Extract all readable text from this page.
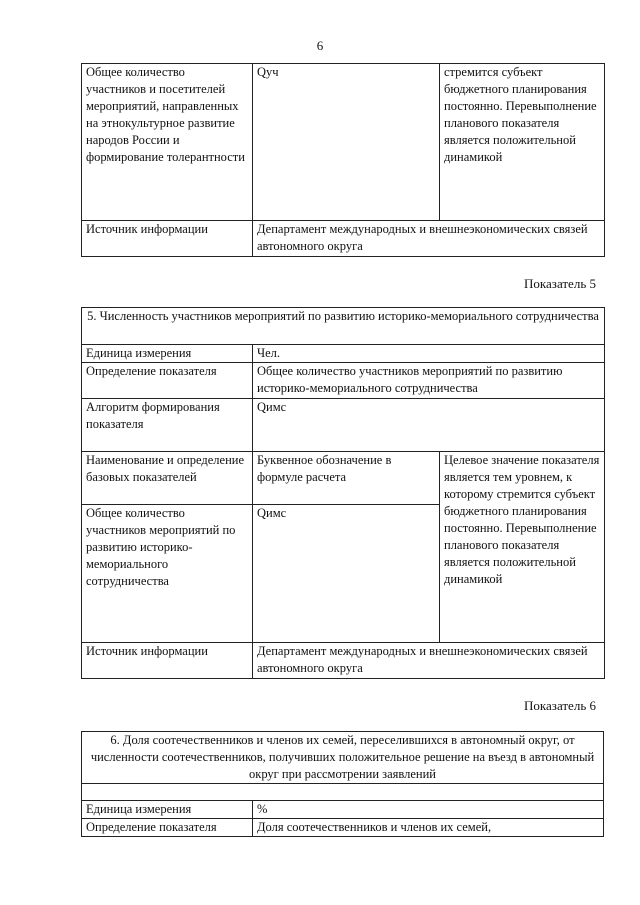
6
Общее количество участников и посетителей мероприятий, направленных на этнокультурное развитие народов России и формирование толерантности	Qуч	стремится субъект бюджетного планирования постоянно. Перевыполнение планового показателя является положительной динамикой
Источник информации	Департамент международных и внешнеэкономических связей автономного округа	
Показатель 5
5. Численность участников мероприятий по развитию историко-мемориального сотрудничества		
Единица измерения	Чел.	
Определение показателя	Общее количество участников мероприятий по развитию историко-мемориального сотрудничества	
Алгоритм формирования показателя	Qимс	
Наименование и определение базовых показателей	Буквенное обозначение в формуле расчета	Целевое значение показателя является тем уровнем, к которому стремится субъект бюджетного планирования постоянно. Перевыполнение планового показателя является положительной динамикой
Общее количество участников мероприятий по развитию историко-мемориального сотрудничества	Qимс	
Источник информации	Департамент международных и внешнеэкономических связей автономного округа	
Показатель 6
6. Доля соотечественников и членов их семей, переселившихся в автономный округ, от численности соотечественников, получивших положительное решение на въезд в автономный округ при рассмотрении заявлений	

Единица измерения	%
Определение показателя	Доля соотечественников и членов их семей,
